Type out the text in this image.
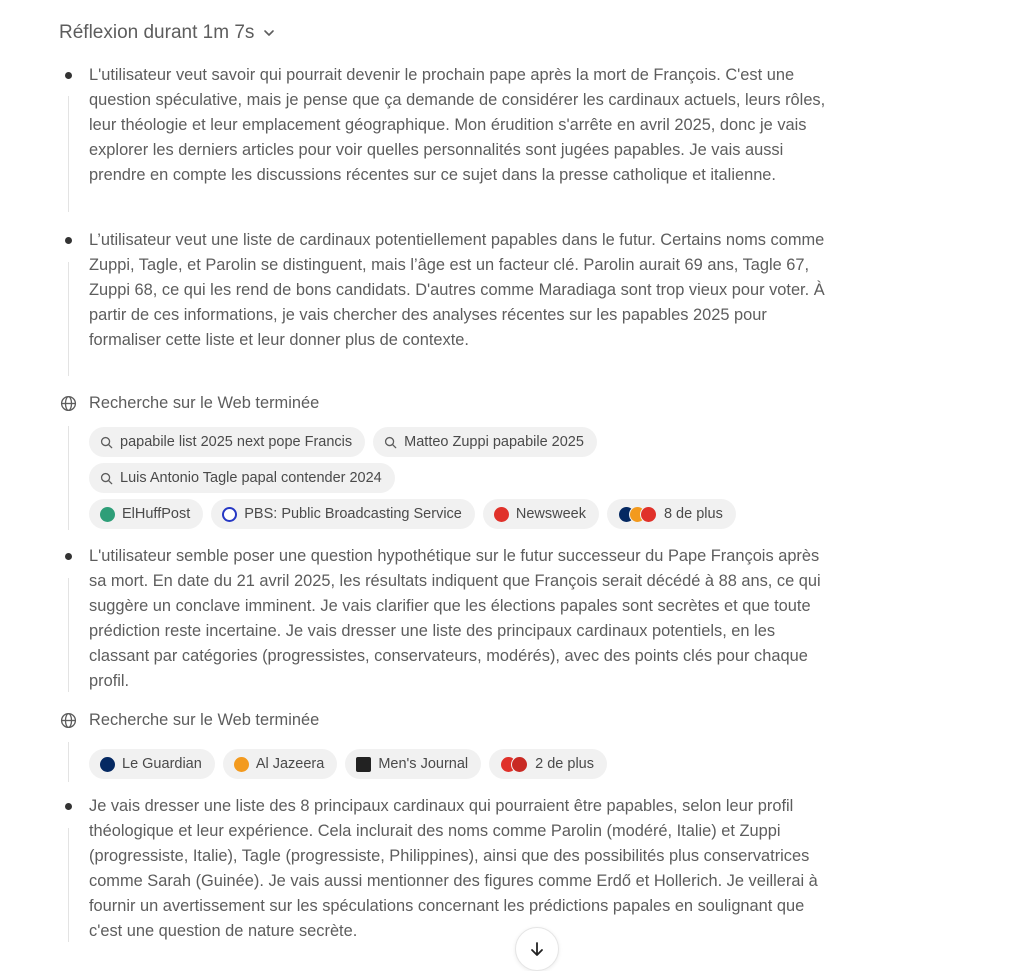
Réflexion durant 1m 7s
L'utilisateur veut savoir qui pourrait devenir le prochain pape après la mort de François. C'est une question spéculative, mais je pense que ça demande de considérer les cardinaux actuels, leurs rôles, leur théologie et leur emplacement géographique. Mon érudition s'arrête en avril 2025, donc je vais explorer les derniers articles pour voir quelles personnalités sont jugées papables. Je vais aussi prendre en compte les discussions récentes sur ce sujet dans la presse catholique et italienne.
L’utilisateur veut une liste de cardinaux potentiellement papables dans le futur. Certains noms comme Zuppi, Tagle, et Parolin se distinguent, mais l’âge est un facteur clé. Parolin aurait 69 ans, Tagle 67, Zuppi 68, ce qui les rend de bons candidats. D'autres comme Maradiaga sont trop vieux pour voter. À partir de ces informations, je vais chercher des analyses récentes sur les papables 2025 pour formaliser cette liste et leur donner plus de contexte.
Recherche sur le Web terminée
papabile list 2025 next pope Francis	Matteo Zuppi papabile 2025
Luis Antonio Tagle papal contender 2024
ElHuffPost	PBS: Public Broadcasting Service	Newsweek	8 de plus
L'utilisateur semble poser une question hypothétique sur le futur successeur du Pape François après sa mort. En date du 21 avril 2025, les résultats indiquent que François serait décédé à 88 ans, ce qui suggère un conclave imminent. Je vais clarifier que les élections papales sont secrètes et que toute prédiction reste incertaine. Je vais dresser une liste des principaux cardinaux potentiels, en les classant par catégories (progressistes, conservateurs, modérés), avec des points clés pour chaque profil.
Recherche sur le Web terminée
Le Guardian	Al Jazeera	Men's Journal	2 de plus
Je vais dresser une liste des 8 principaux cardinaux qui pourraient être papables, selon leur profil théologique et leur expérience. Cela inclurait des noms comme Parolin (modéré, Italie) et Zuppi (progressiste, Italie), Tagle (progressiste, Philippines), ainsi que des possibilités plus conservatrices comme Sarah (Guinée). Je vais aussi mentionner des figures comme Erdő et Hollerich. Je veillerai à fournir un avertissement sur les spéculations concernant les prédictions papales en soulignant que c'est une question de nature secrète.
